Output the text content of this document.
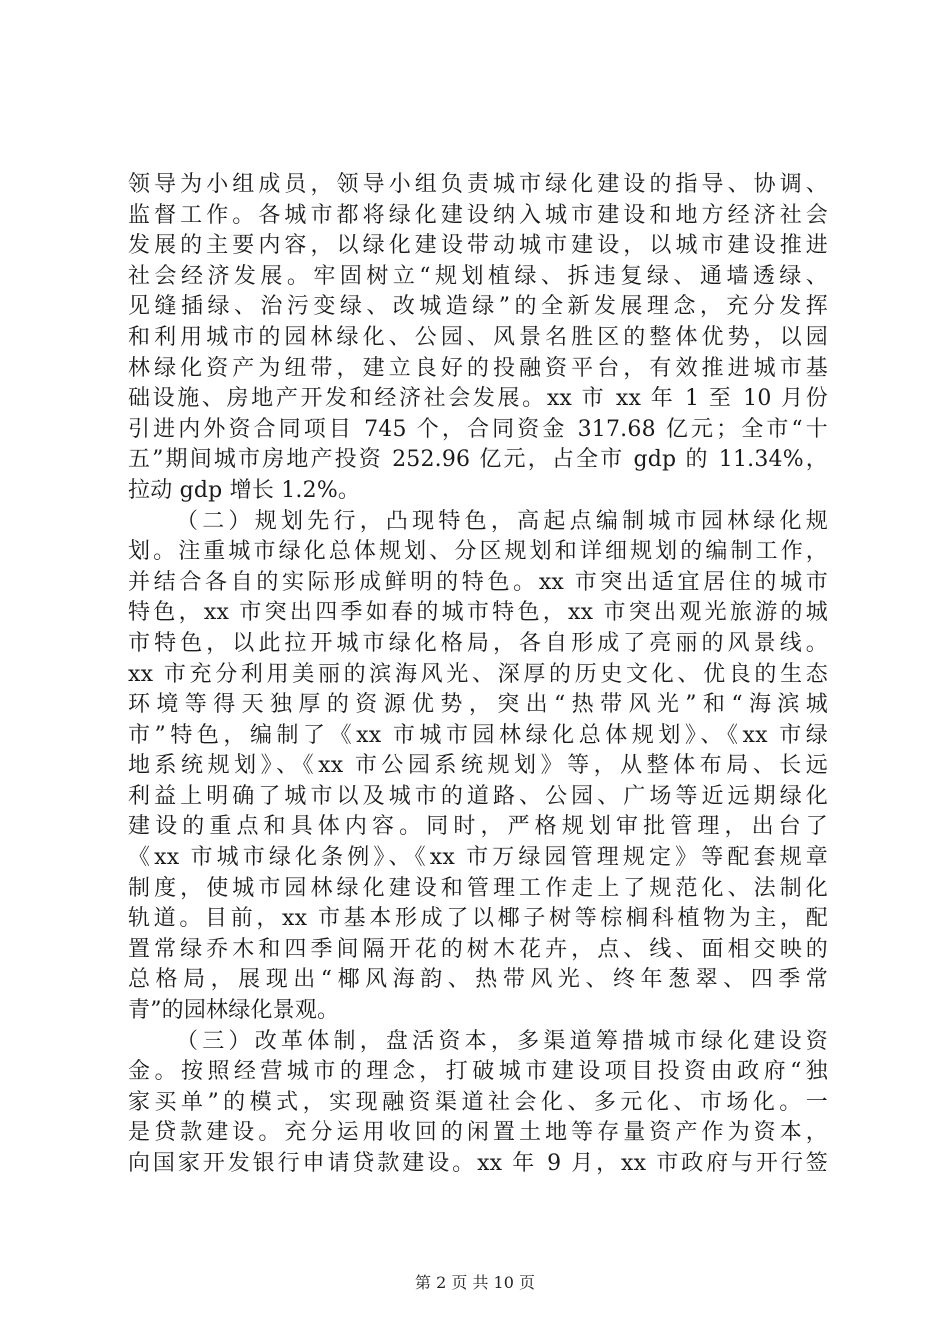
领导为小组成员，领导小组负责城市绿化建设的指导、协调、
监督工作。各城市都将绿化建设纳入城市建设和地方经济社会
发展的主要内容，以绿化建设带动城市建设，以城市建设推进
社会经济发展。牢固树立“规划植绿、拆违复绿、通墙透绿、
见缝插绿、治污变绿、改城造绿”的全新发展理念，充分发挥
和利用城市的园林绿化、公园、风景名胜区的整体优势，以园
林绿化资产为纽带，建立良好的投融资平台，有效推进城市基
础设施、房地产开发和经济社会发展。xx 市 xx 年 1 至 10 月份
引进内外资合同项目 745 个，合同资金 317.68 亿元；全市“十
五”期间城市房地产投资 252.96 亿元，占全市 gdp 的 11.34%，
拉动 gdp 增长 1.2%。
（二）规划先行，凸现特色，高起点编制城市园林绿化规
划。注重城市绿化总体规划、分区规划和详细规划的编制工作，
并结合各自的实际形成鲜明的特色。xx 市突出适宜居住的城市
特色，xx 市突出四季如春的城市特色，xx 市突出观光旅游的城
市特色，以此拉开城市绿化格局，各自形成了亮丽的风景线。
xx 市充分利用美丽的滨海风光、深厚的历史文化、优良的生态
环境等得天独厚的资源优势，突出“热带风光”和“海滨城
市”特色，编制了《xx 市城市园林绿化总体规划》、《xx 市绿
地系统规划》、《xx 市公园系统规划》等，从整体布局、长远
利益上明确了城市以及城市的道路、公园、广场等近远期绿化
建设的重点和具体内容。同时，严格规划审批管理，出台了
《xx 市城市绿化条例》、《xx 市万绿园管理规定》等配套规章
制度，使城市园林绿化建设和管理工作走上了规范化、法制化
轨道。目前，xx 市基本形成了以椰子树等棕榈科植物为主，配
置常绿乔木和四季间隔开花的树木花卉，点、线、面相交映的
总格局，展现出“椰风海韵、热带风光、终年葱翠、四季常
青”的园林绿化景观。
（三）改革体制，盘活资本，多渠道筹措城市绿化建设资
金。按照经营城市的理念，打破城市建设项目投资由政府“独
家买单”的模式，实现融资渠道社会化、多元化、市场化。一
是贷款建设。充分运用收回的闲置土地等存量资产作为资本，
向国家开发银行申请贷款建设。xx 年 9 月，xx 市政府与开行签
第 2 页 共 10 页
